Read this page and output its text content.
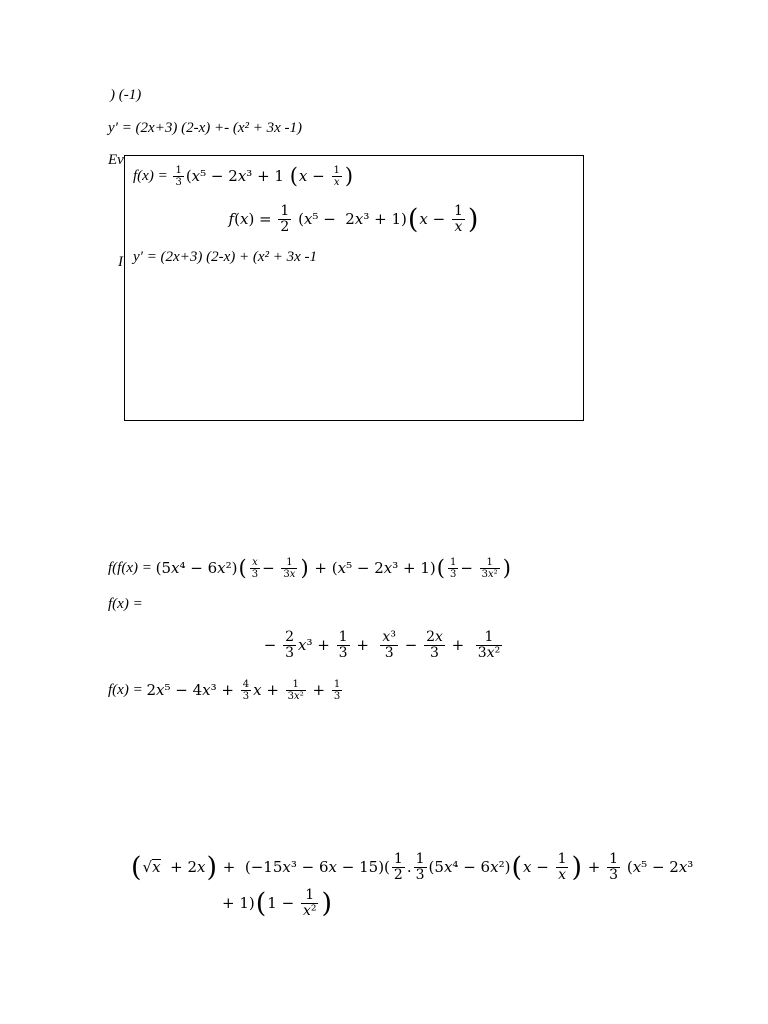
) (-1)
y′ = (2x+3) (2-x) +- (x² + 3x -1)
Ev
I
$f(x) = \frac{1}{3} (x^5 - 2x^3 + 1$ ( $x - \frac{1}{x}$ )
$f(x) = \frac{1}{2} (x^5 - 2x^3 + 1)$ ( $x - \frac{1}{x}$ )
y′ = (2x+3) (2-x) + (x² + 3x -1
f(f(x) = (5x⁴ − 6x²) ( $\frac{x}{3} - \frac{1}{3x}$ ) + (x⁵ − 2x³ + 1) ( $\frac{1}{3} - \frac{1}{\text{3x²}}$ )
f(x) =
− $\frac{2}{3} x^3 + \frac{1}{3} + \frac{\text{x³}}{3} - \frac{2x}{3} + \frac{1}{\text{3x²}}$
$f(x) = 2x^5 - 4x^3 + \frac{4}{3}$ $x + \frac{1}{\text{3x²}} + \frac{1}{3}$
( √ x + 2x ) +  $(-15x^3 - 6x - 15)( \frac{1}{2}$ . $\frac{1}{3} (5x^4 - 6x^2)$ ( $x - \frac{1}{x}$ ) + $\frac{1}{3} (x^5 - 2x^3$
+ 1) ( $1 - \frac{1}{\text{x²}}$ )
